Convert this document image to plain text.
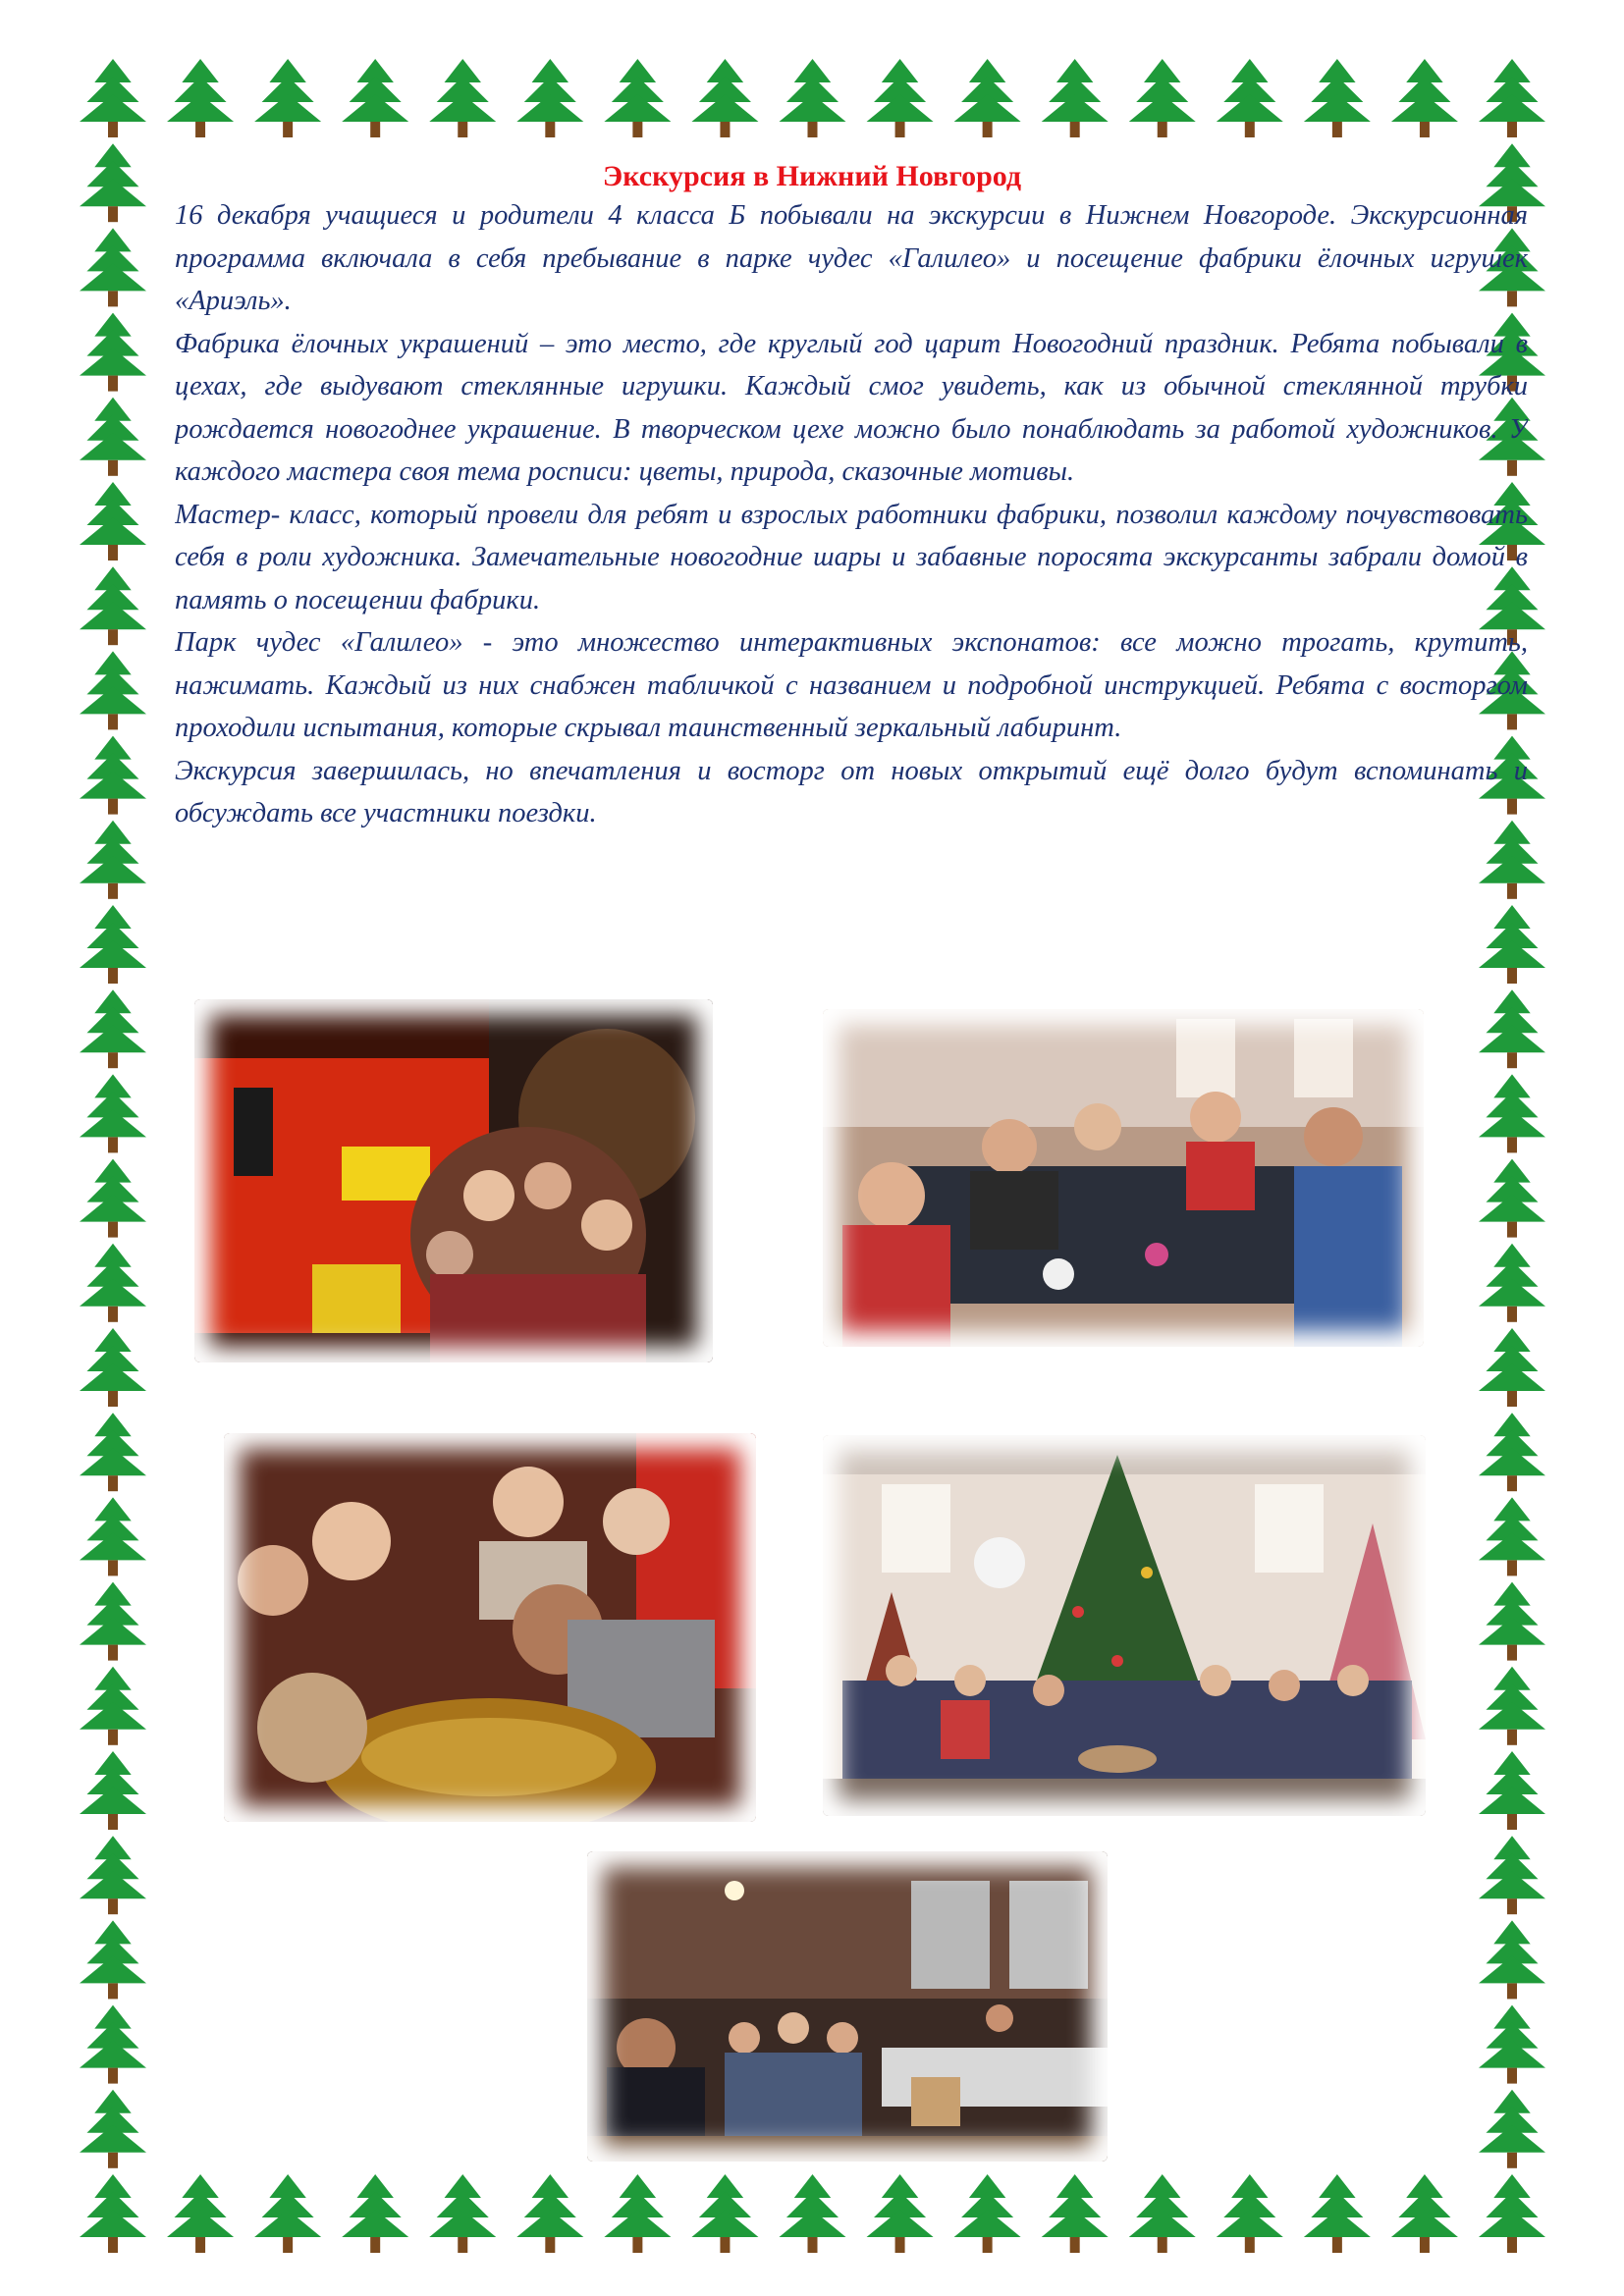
Экскурсия в Нижний Новгород

16 декабря учащиеся и родители 4 класса Б побывали на экскурсии в Нижнем Новгороде. Экскурсионная программа включала в себя пребывание в парке чудес «Галилео» и посещение фабрики ёлочных игрушек «Ариэль».

Фабрика ёлочных украшений – это место, где круглый год царит Новогодний праздник. Ребята побывали в цехах, где выдувают стеклянные игрушки. Каждый смог увидеть, как из обычной стеклянной трубки рождается новогоднее украшение. В творческом цехе можно было понаблюдать за работой художников. У каждого мастера своя тема росписи: цветы, природа, сказочные мотивы.

Мастер- класс, который провели для ребят и взрослых работники фабрики, позволил каждому почувствовать себя в роли художника. Замечательные новогодние шары и забавные поросята экскурсанты забрали домой в память о посещении фабрики.

Парк чудес «Галилео» - это множество интерактивных экспонатов: все можно трогать, крутить, нажимать. Каждый из них снабжен табличкой с названием и подробной инструкцией. Ребята с восторгом проходили испытания, которые скрывал таинственный зеркальный лабиринт.

Экскурсия завершилась, но впечатления и восторг от новых открытий ещё долго будут вспоминать и обсуждать все участники поездки.
